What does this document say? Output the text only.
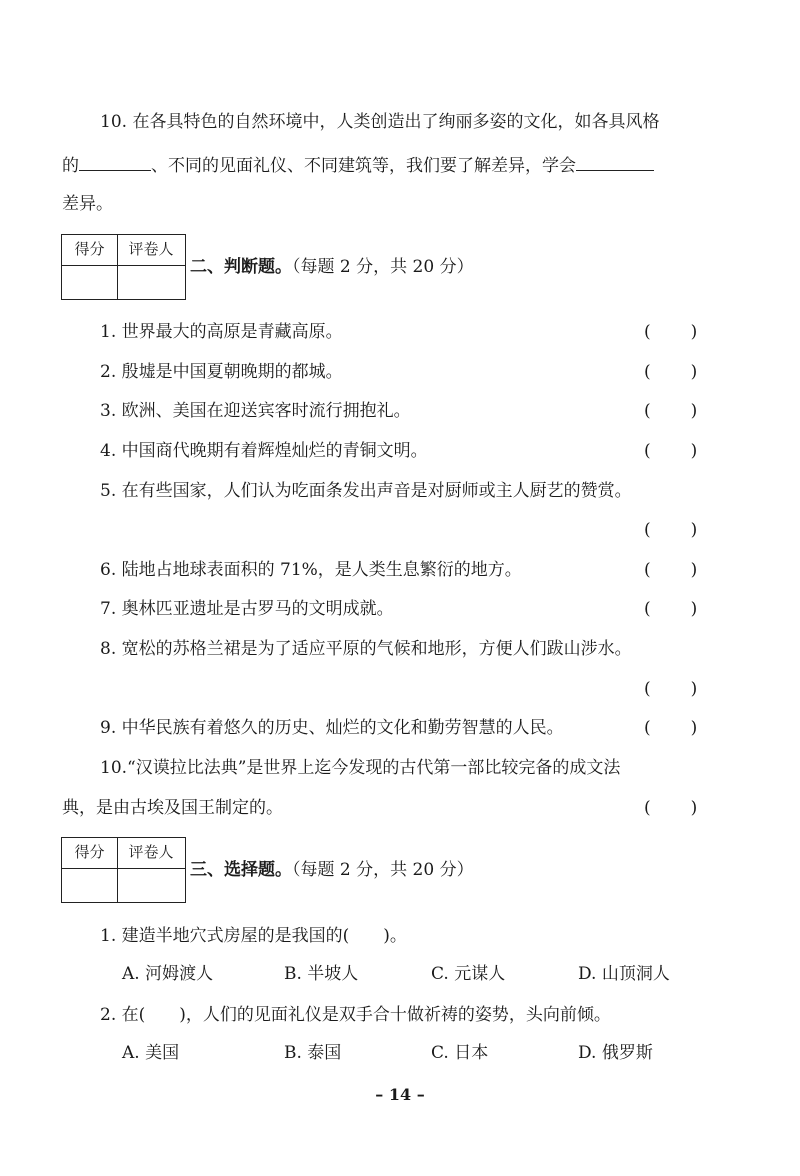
10. 在各具特色的自然环境中，人类创造出了绚丽多姿的文化，如各具风格
的	、不同的见面礼仪、不同建筑等，我们要了解差异，学会
差异。
得分	评卷人
二、判断题。（每题 2 分，共 20 分）
1. 世界最大的高原是青藏高原。	( )
2. 殷墟是中国夏朝晚期的都城。	( )
3. 欧洲、美国在迎送宾客时流行拥抱礼。	( )
4. 中国商代晚期有着辉煌灿烂的青铜文明。	( )
5. 在有些国家，人们认为吃面条发出声音是对厨师或主人厨艺的赞赏。
( )
6. 陆地占地球表面积的 71%，是人类生息繁衍的地方。	( )
7. 奥林匹亚遗址是古罗马的文明成就。	( )
8. 宽松的苏格兰裙是为了适应平原的气候和地形，方便人们跋山涉水。
( )
9. 中华民族有着悠久的历史、灿烂的文化和勤劳智慧的人民。	( )
10.“汉谟拉比法典”是世界上迄今发现的古代第一部比较完备的成文法
典，是由古埃及国王制定的。	( )
得分	评卷人
三、选择题。（每题 2 分，共 20 分）
1. 建造半地穴式房屋的是我国的(　　)。
A. 河姆渡人	B. 半坡人	C. 元谋人	D. 山顶洞人
2. 在(　　)，人们的见面礼仪是双手合十做祈祷的姿势，头向前倾。
A. 美国	B. 泰国	C. 日本	D. 俄罗斯
– 14 –
